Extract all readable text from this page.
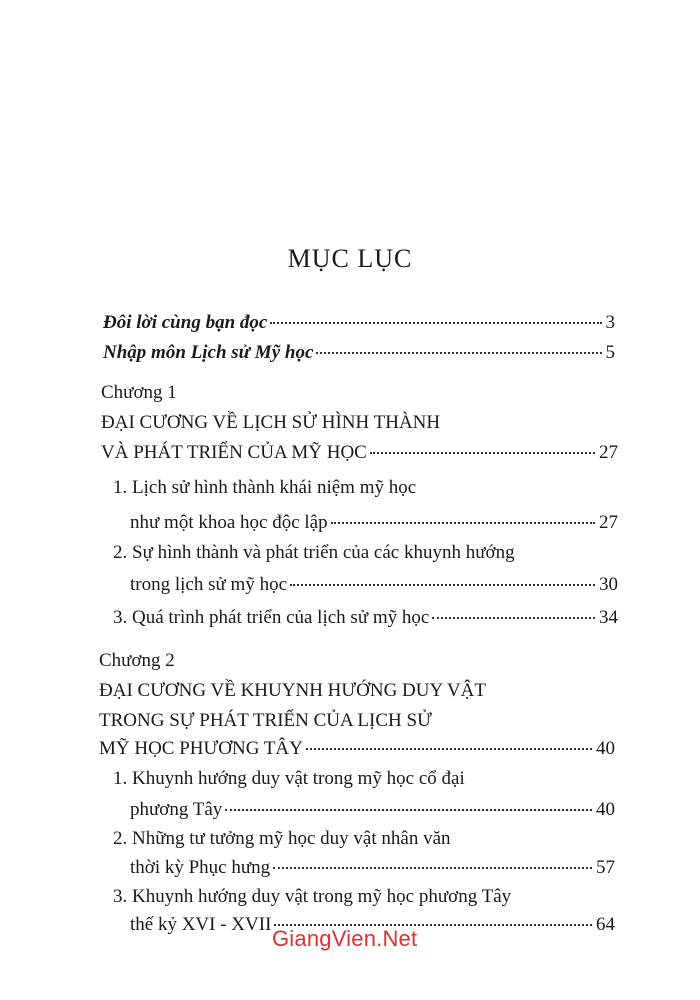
MỤC LỤC
Đôi lời cùng bạn đọc	3
Nhập môn Lịch sử Mỹ học	5
Chương 1
ĐẠI CƯƠNG VỀ LỊCH SỬ HÌNH THÀNH
VÀ PHÁT TRIỂN CỦA MỸ HỌC	27
1. Lịch sử hình thành khái niệm mỹ học
như một khoa học độc lập	27
2. Sự hình thành và phát triển của các khuynh hướng
trong lịch sử mỹ học	30
3. Quá trình phát triển của lịch sử mỹ học	34
Chương 2
ĐẠI CƯƠNG VỀ KHUYNH HƯỚNG DUY VẬT
TRONG SỰ PHÁT TRIỂN CỦA LỊCH SỬ
MỸ HỌC PHƯƠNG TÂY	40
1. Khuynh hướng duy vật trong mỹ học cổ đại
phương Tây	40
2. Những tư tưởng mỹ học duy vật nhân văn
thời kỳ Phục hưng	57
3. Khuynh hướng duy vật trong mỹ học phương Tây
thế kỷ XVI - XVII	64
GiangVien.Net
